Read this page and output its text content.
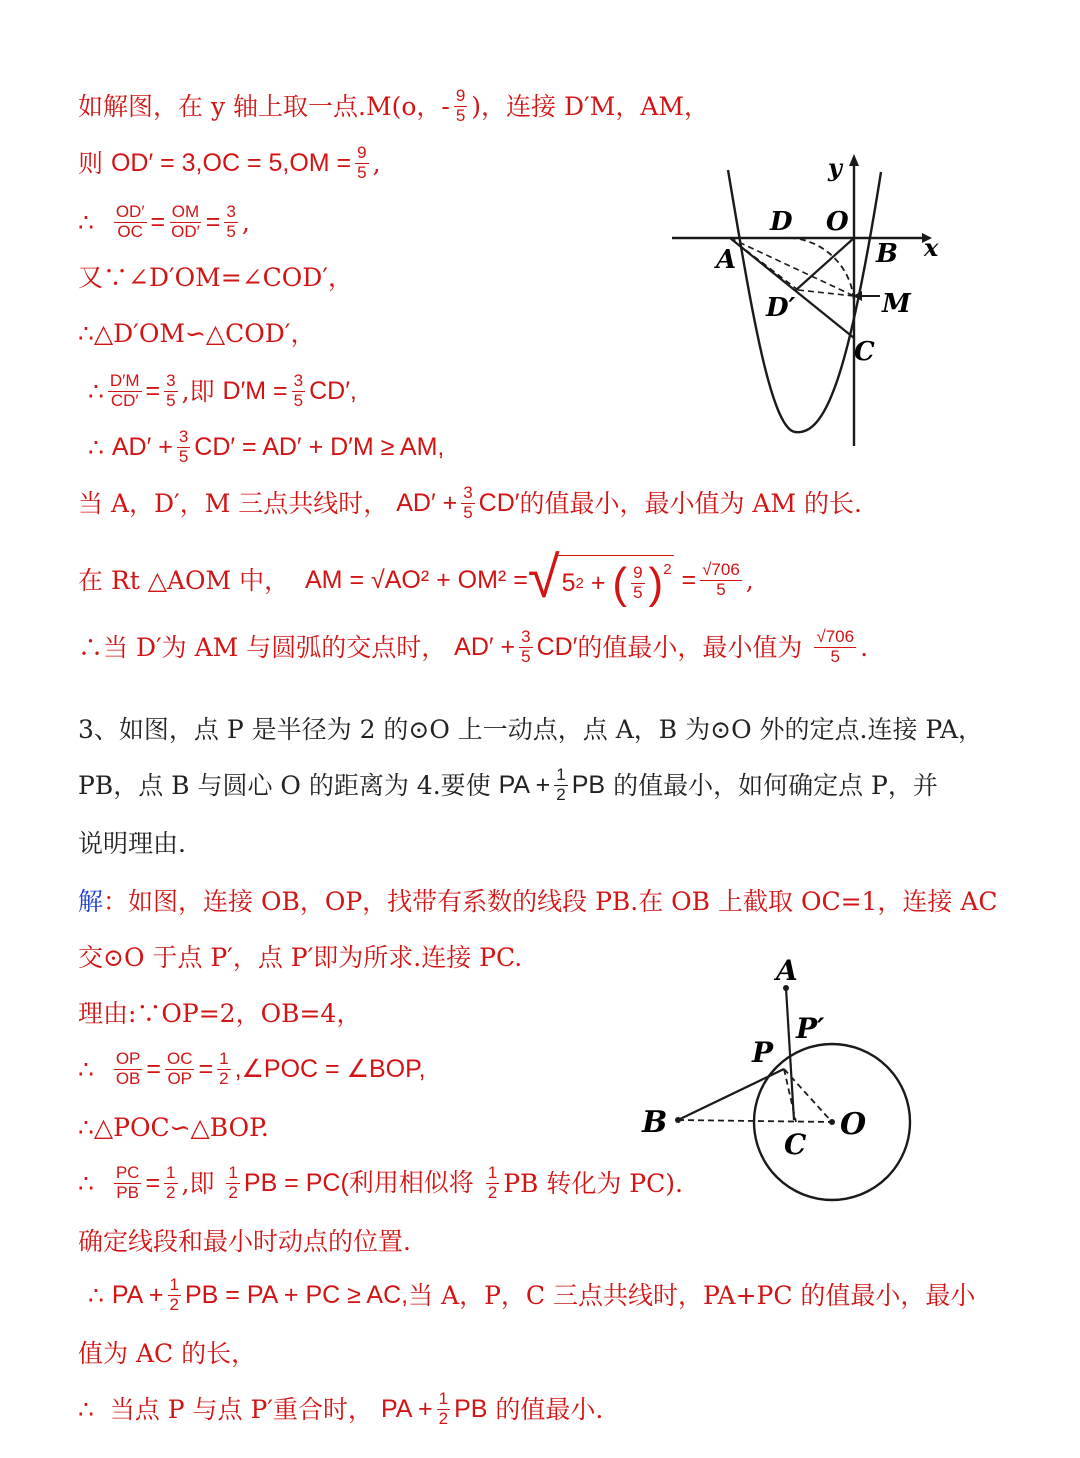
如解图，在 y 轴上取一点.M(o，- $\frac{9}{5}$ )，连接 D′M，AM，
则
$OD' = 3,OC = 5,OM = \frac{9}{5}$ ,
∴
$\frac{OD'}{OC} = \frac{OM}{OD'} = \frac{3}{5}$ ,
又∵∠D′OM=∠COD′，
∴△D′OM∽△COD′，
∴ $\frac{D'M}{CD'} = \frac{3}{5}$ ,即
$D'M = \frac{3}{5} CD'$,
∴
$AD' + \frac{3}{5} CD' = AD' + D'M$ ≥ AM,
当 A，D′，M 三点共线时，
$AD' + \frac{3}{5} CD'$ 的值最小，最小值为 AM 的长.
在 Rt △AOM 中，
AM = √AO² + OM² = √ 5 2
+
( $\frac{9}{5} )^2$
= $\frac{√706}{5}$ ,
∴当 D′为 AM 与圆弧的交点时，
$AD' + \frac{3}{5} CD'$ 的值最小，最小值为
$\frac{√706}{5}$ .
3、如图，点 P 是半径为 2 的⊙O 上一动点，点 A，B 为⊙O 外的定点.连接 PA，
PB，点 B 与圆心 O 的距离为 4.要使
PA + $\frac{1}{2}$ PB
的值最小，如何确定点 P，并
说明理由.
解 ：如图，连接 OB，OP，找带有系数的线段 PB.在 OB 上截取 OC=1，连接 AC
交⊙O 于点 P′，点 P′即为所求.连接 PC.
理由:∵OP=2，OB=4，
∴
$\frac{OP}{OB} = \frac{OC}{OP} = \frac{1}{2}$ ,∠POC = ∠BOP,
∴△POC∽△BOP.
∴
$\frac{PC}{PB} = \frac{1}{2}$ ,即
$\frac{1}{2}$ PB = PC(利用相似将
$\frac{1}{2}$ PB 转化为 PC).
确定线段和最小时动点的位置.
∴
PA + $\frac{1}{2}$ PB = PA + PC ≥ AC, 当 A，P，C 三点共线时，PA+PC 的值最小，最小
值为 AC 的长，
∴
当点 P 与点 P′重合时，
PA + $\frac{1}{2}$ PB
的值最小.
y
x
D O
A	B
D′	M
C
A
P
P′
B	O
C
